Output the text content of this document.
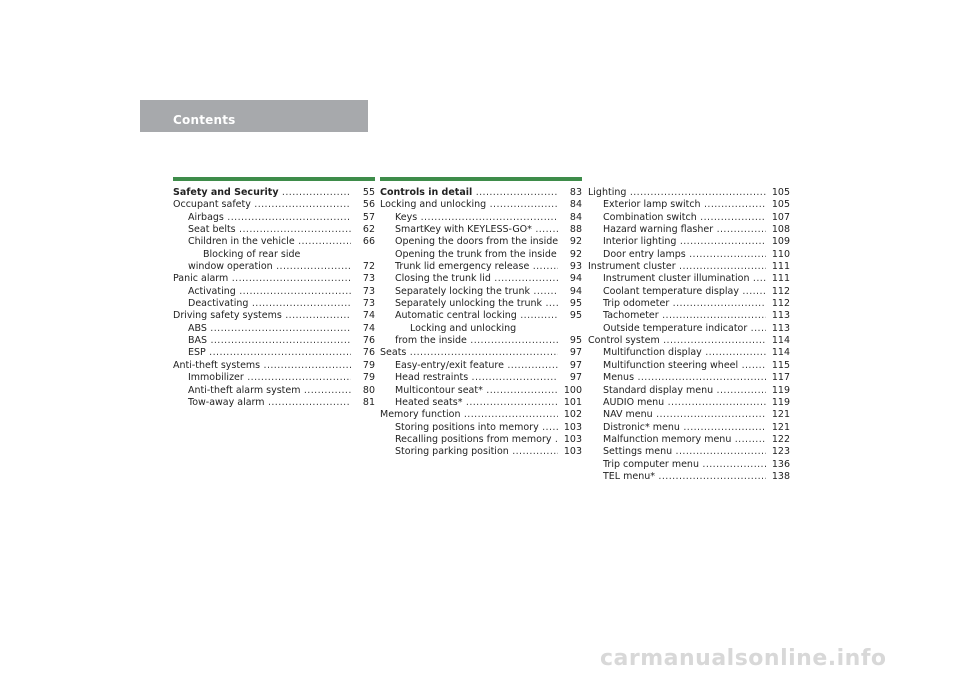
Contents
Safety and Security .....	55
Occupant safety .....	56
Airbags .....	57
Seat belts .....	62
Children in the vehicle .....	66
Blocking of rear side
window operation .....	72
Panic alarm .....	73
Activating .....	73
Deactivating .....	73
Driving safety systems .....	74
ABS .....	74
BAS .....	76
ESP .....	76
Anti-theft systems .....	79
Immobilizer .....	79
Anti-theft alarm system .....	80
Tow-away alarm .....	81
Controls in detail .....	83
Locking and unlocking .....	84
Keys .....	84
SmartKey with KEYLESS-GO* .....	88
Opening the doors from the inside .....	92
Opening the trunk from the inside .....	92
Trunk lid emergency release .....	93
Closing the trunk lid .....	94
Separately locking the trunk .....	94
Separately unlocking the trunk .....	95
Automatic central locking .....	95
Locking and unlocking
from the inside .....	95
Seats .....	97
Easy-entry/exit feature .....	97
Head restraints .....	97
Multicontour seat* .....	100
Heated seats* .....	101
Memory function .....	102
Storing positions into memory .....	103
Recalling positions from memory .....	103
Storing parking position .....	103
Lighting .....	105
Exterior lamp switch .....	105
Combination switch .....	107
Hazard warning flasher .....	108
Interior lighting .....	109
Door entry lamps .....	110
Instrument cluster .....	111
Instrument cluster illumination .....	111
Coolant temperature display .....	112
Trip odometer .....	112
Tachometer .....	113
Outside temperature indicator .....	113
Control system .....	114
Multifunction display .....	114
Multifunction steering wheel .....	115
Menus .....	117
Standard display menu .....	119
AUDIO menu .....	119
NAV menu .....	121
Distronic* menu .....	121
Malfunction memory menu .....	122
Settings menu .....	123
Trip computer menu .....	136
TEL menu* .....	138
carmanualsonline.info
